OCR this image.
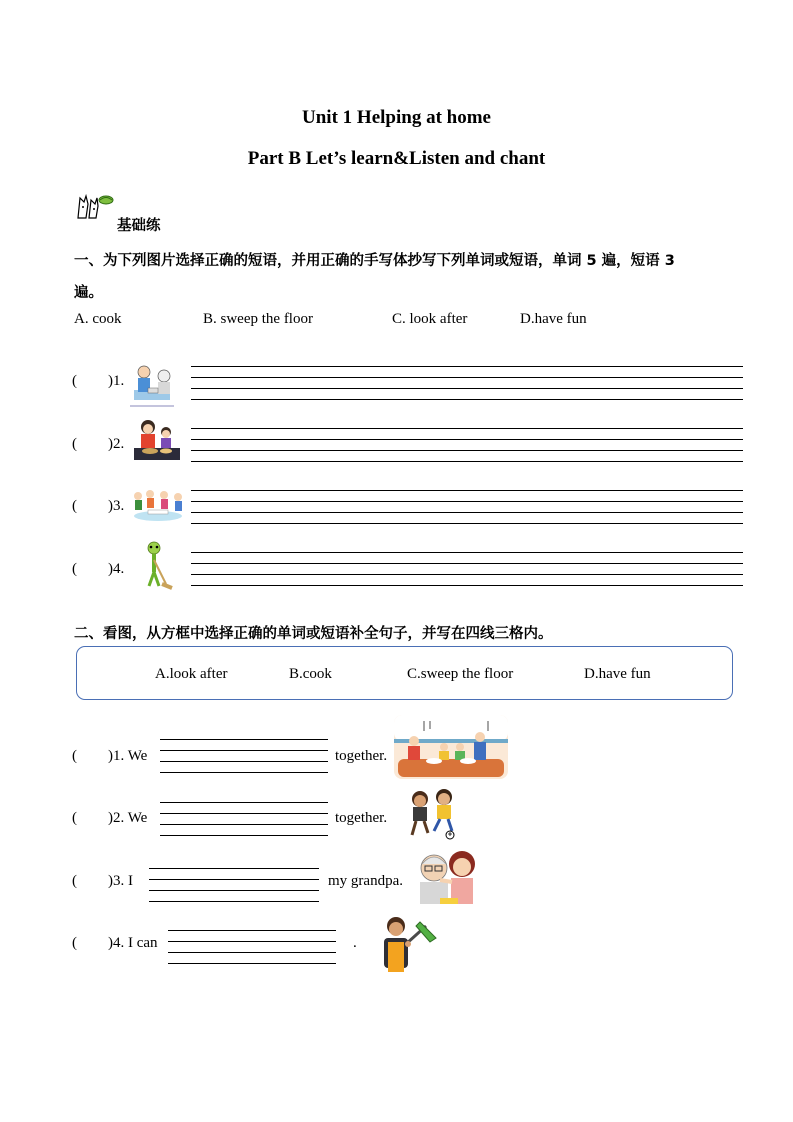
Unit 1 Helping at home
Part B Let’s learn&Listen and chant
基础练
一、为下列图片选择正确的短语，并用正确的手写体抄写下列单词或短语，单词 5 遍，短语 3
遍。
A. cook	B. sweep the floor	C. look after	D.have fun
( )1.
( )2.
( )3.
( )4.
二、看图，从方框中选择正确的单词或短语补全句子，并写在四线三格内。
A.look after	B.cook	C.sweep the floor	D.have fun
( )1. We	together.
( )2. We	together.
( )3. I	my grandpa.
( )4. I can	.
